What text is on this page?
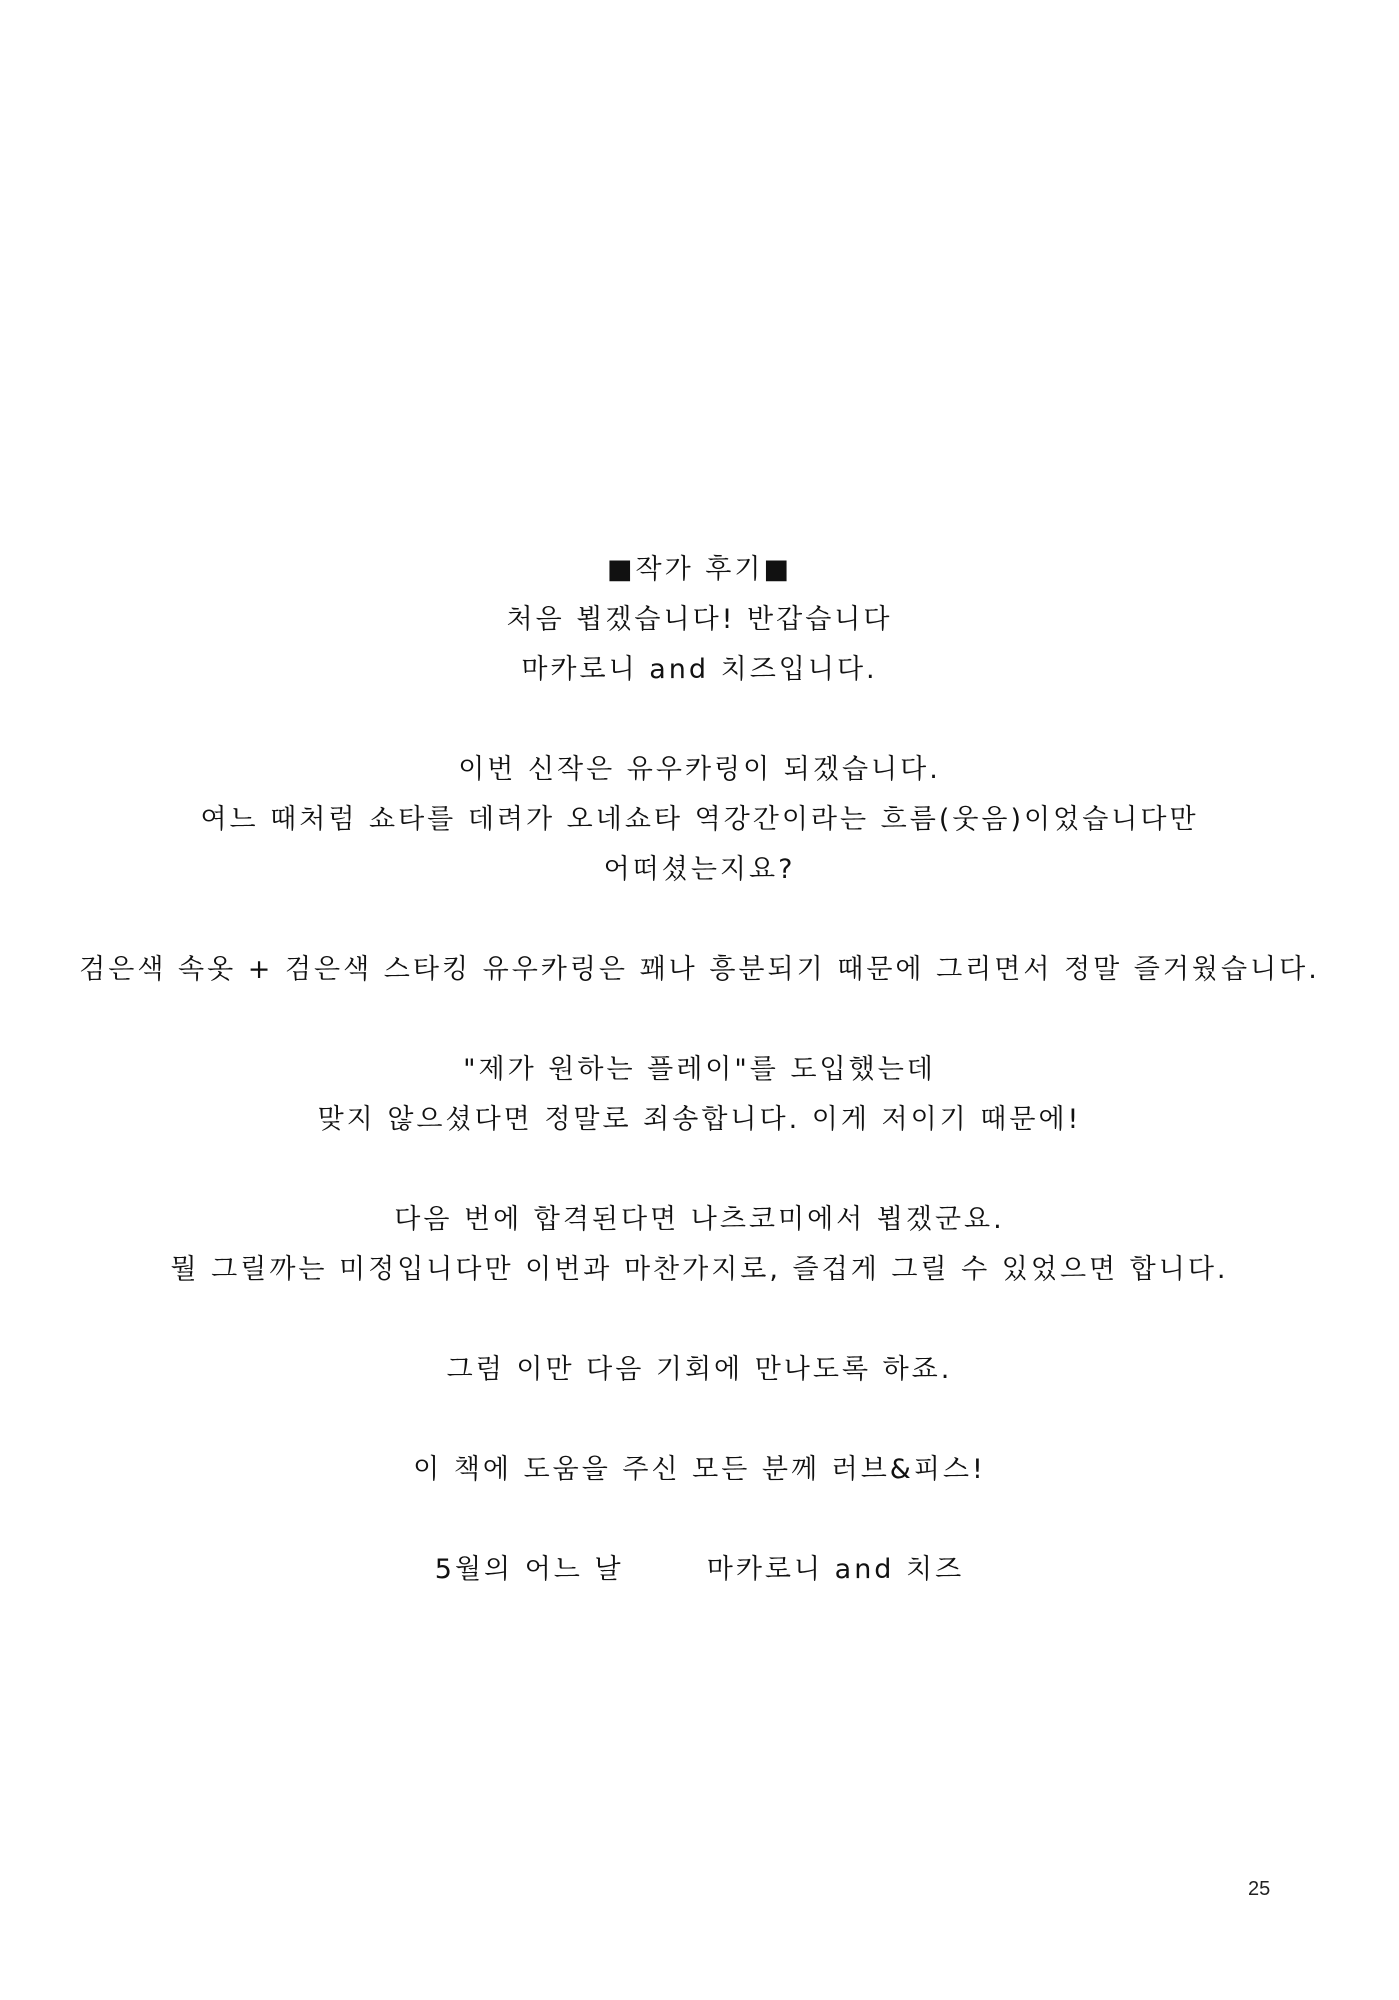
■작가 후기■
처음 뵙겠습니다! 반갑습니다
마카로니 and 치즈입니다.
이번 신작은 유우카링이 되겠습니다.
여느 때처럼 쇼타를 데려가 오네쇼타 역강간이라는 흐름(웃음)이었습니다만
어떠셨는지요?
검은색 속옷 + 검은색 스타킹 유우카링은 꽤나 흥분되기 때문에 그리면서 정말 즐거웠습니다.
"제가 원하는 플레이"를 도입했는데
맞지 않으셨다면 정말로 죄송합니다. 이게 저이기 때문에!
다음 번에 합격된다면 나츠코미에서 뵙겠군요.
뭘 그릴까는 미정입니다만 이번과 마찬가지로, 즐겁게 그릴 수 있었으면 합니다.
그럼 이만 다음 기회에 만나도록 하죠.
이 책에 도움을 주신 모든 분께 러브&피스!
5월의 어느 날	마카로니 and 치즈
25
